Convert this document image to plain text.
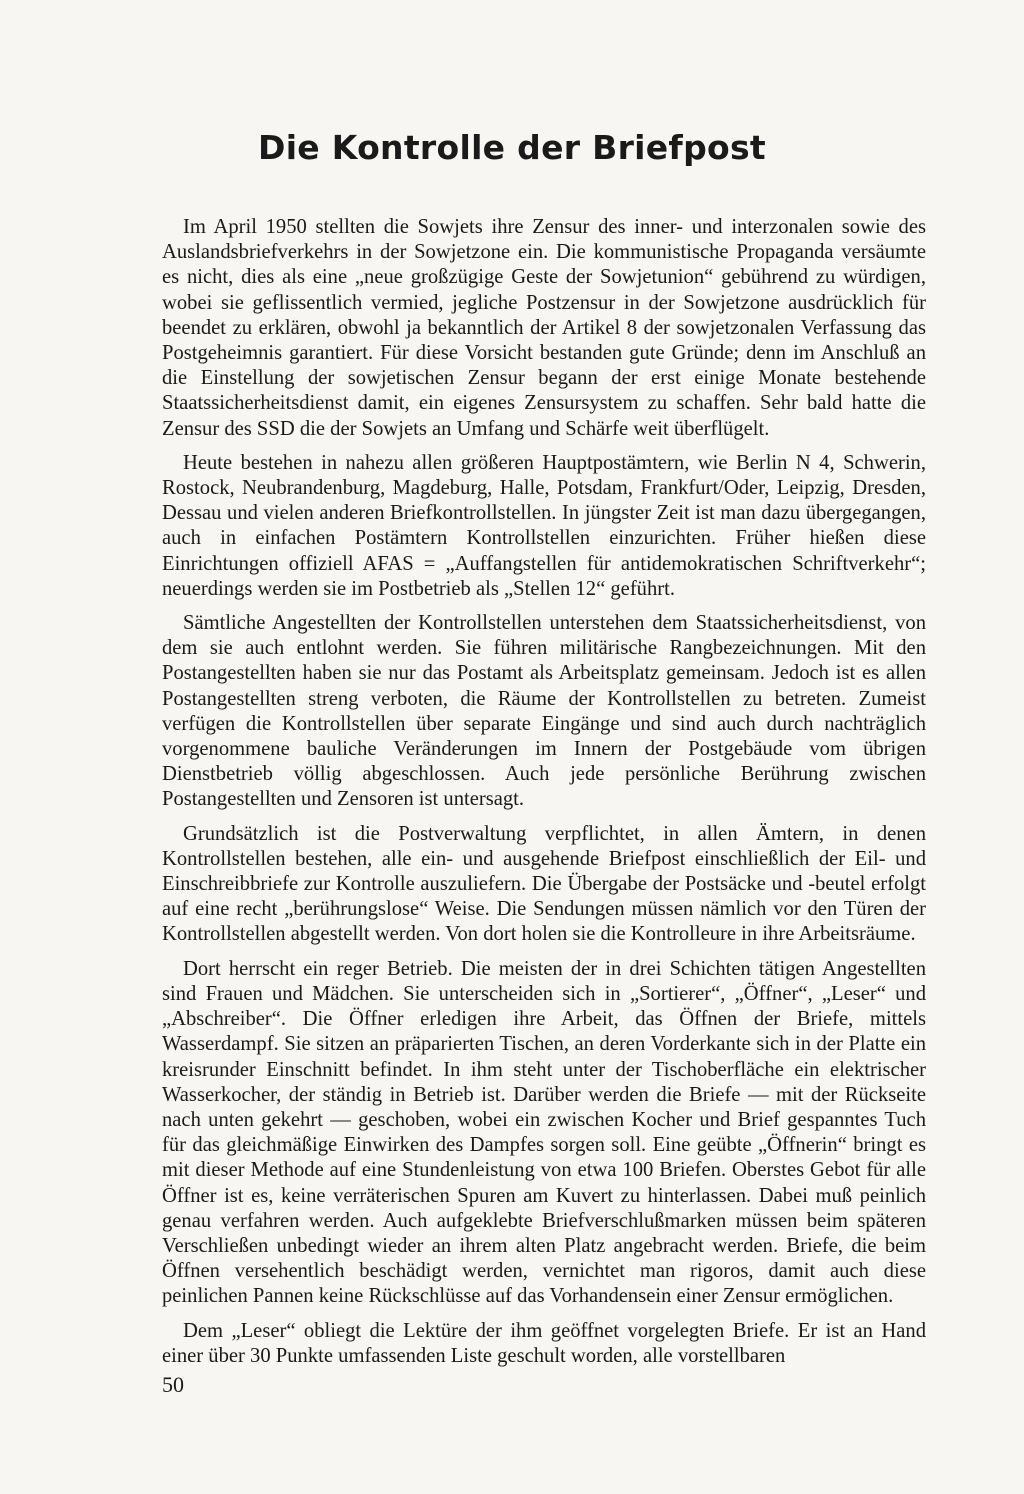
Die Kontrolle der Briefpost

Im April 1950 stellten die Sowjets ihre Zensur des inner- und interzonalen sowie des Auslandsbriefverkehrs in der Sowjetzone ein. Die kommunistische Propaganda versäumte es nicht, dies als eine „neue großzügige Geste der Sowjetunion“ gebührend zu würdigen, wobei sie geflissentlich vermied, jegliche Postzensur in der Sowjetzone ausdrücklich für beendet zu erklären, obwohl ja bekanntlich der Artikel 8 der sowjetzonalen Verfassung das Postgeheimnis garantiert. Für diese Vorsicht bestanden gute Gründe; denn im Anschluß an die Einstellung der sowjetischen Zensur begann der erst einige Monate bestehende Staatssicherheitsdienst damit, ein eigenes Zensursystem zu schaffen. Sehr bald hatte die Zensur des SSD die der Sowjets an Umfang und Schärfe weit überflügelt.

Heute bestehen in nahezu allen größeren Hauptpostämtern, wie Berlin N 4, Schwerin, Rostock, Neubrandenburg, Magdeburg, Halle, Potsdam, Frankfurt/Oder, Leipzig, Dresden, Dessau und vielen anderen Briefkontrollstellen. In jüngster Zeit ist man dazu übergegangen, auch in einfachen Postämtern Kontrollstellen einzurichten. Früher hießen diese Einrichtungen offiziell AFAS = „Auffangstellen für antidemokratischen Schriftverkehr“; neuerdings werden sie im Postbetrieb als „Stellen 12“ geführt.

Sämtliche Angestellten der Kontrollstellen unterstehen dem Staatssicherheitsdienst, von dem sie auch entlohnt werden. Sie führen militärische Rangbezeichnungen. Mit den Postangestellten haben sie nur das Postamt als Arbeitsplatz gemeinsam. Jedoch ist es allen Postangestellten streng verboten, die Räume der Kontrollstellen zu betreten. Zumeist verfügen die Kontrollstellen über separate Eingänge und sind auch durch nachträglich vorgenommene bauliche Veränderungen im Innern der Postgebäude vom übrigen Dienstbetrieb völlig abgeschlossen. Auch jede persönliche Berührung zwischen Postangestellten und Zensoren ist untersagt.

Grundsätzlich ist die Postverwaltung verpflichtet, in allen Ämtern, in denen Kontrollstellen bestehen, alle ein- und ausgehende Briefpost einschließlich der Eil- und Einschreibbriefe zur Kontrolle auszuliefern. Die Übergabe der Postsäcke und -beutel erfolgt auf eine recht „berührungslose“ Weise. Die Sendungen müssen nämlich vor den Türen der Kontrollstellen abgestellt werden. Von dort holen sie die Kontrolleure in ihre Arbeitsräume.

Dort herrscht ein reger Betrieb. Die meisten der in drei Schichten tätigen Angestellten sind Frauen und Mädchen. Sie unterscheiden sich in „Sortierer“, „Öffner“, „Leser“ und „Abschreiber“. Die Öffner erledigen ihre Arbeit, das Öffnen der Briefe, mittels Wasserdampf. Sie sitzen an präparierten Tischen, an deren Vorderkante sich in der Platte ein kreisrunder Einschnitt befindet. In ihm steht unter der Tischoberfläche ein elektrischer Wasserkocher, der ständig in Betrieb ist. Darüber werden die Briefe — mit der Rückseite nach unten gekehrt — geschoben, wobei ein zwischen Kocher und Brief gespanntes Tuch für das gleichmäßige Einwirken des Dampfes sorgen soll. Eine geübte „Öffnerin“ bringt es mit dieser Methode auf eine Stundenleistung von etwa 100 Briefen. Oberstes Gebot für alle Öffner ist es, keine verräterischen Spuren am Kuvert zu hinterlassen. Dabei muß peinlich genau verfahren werden. Auch aufgeklebte Briefverschlußmarken müssen beim späteren Verschließen unbedingt wieder an ihrem alten Platz angebracht werden. Briefe, die beim Öffnen versehentlich beschädigt werden, vernichtet man rigoros, damit auch diese peinlichen Pannen keine Rückschlüsse auf das Vorhandensein einer Zensur ermöglichen.

Dem „Leser“ obliegt die Lektüre der ihm geöffnet vorgelegten Briefe. Er ist an Hand einer über 30 Punkte umfassenden Liste geschult worden, alle vorstellbaren

50
